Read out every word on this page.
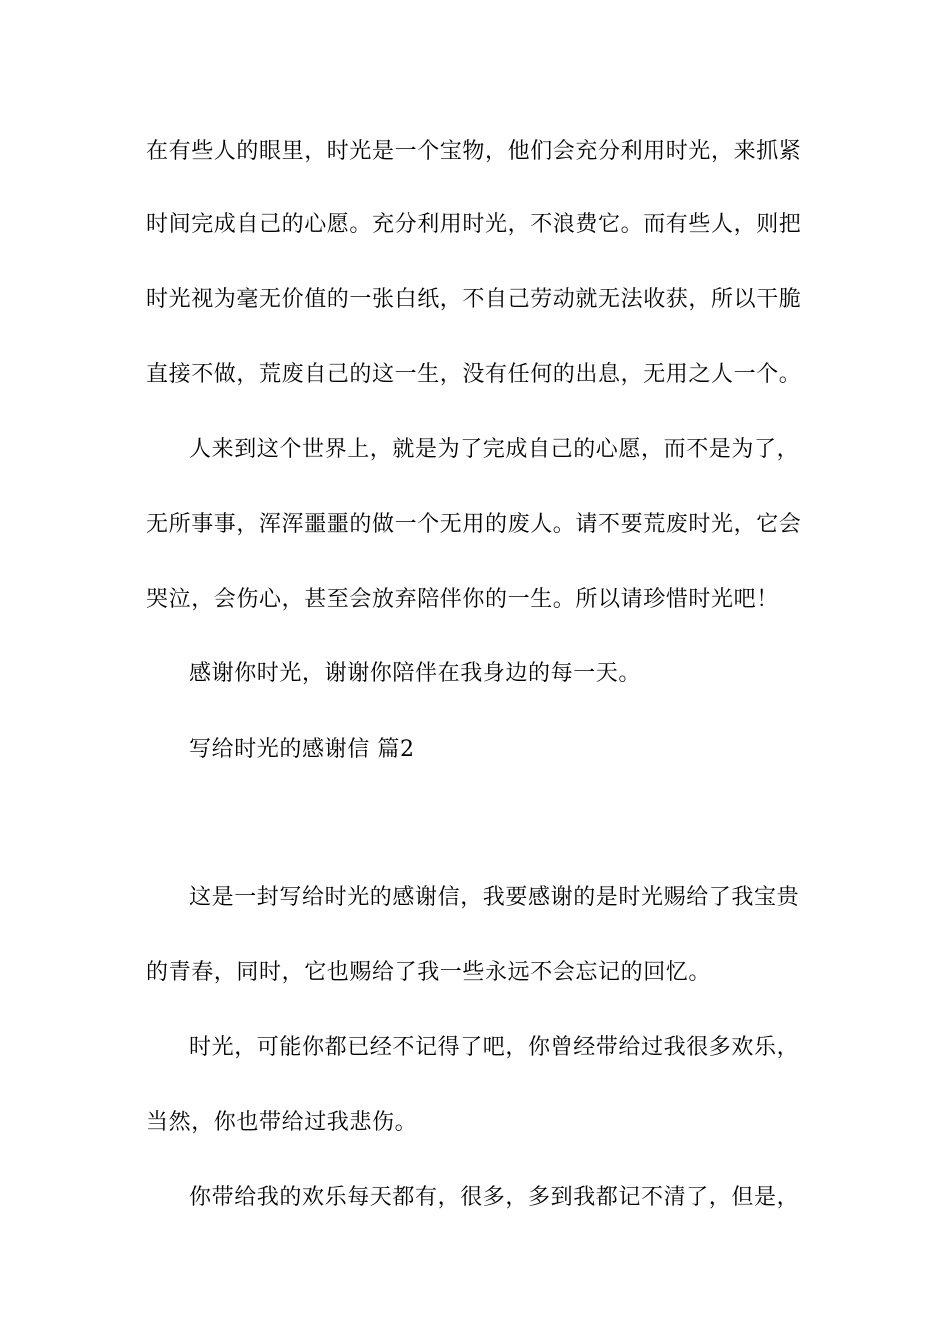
在有些人的眼里，时光是一个宝物，他们会充分利用时光，来抓紧
时间完成自己的心愿。充分利用时光，不浪费它。而有些人，则把
时光视为毫无价值的一张白纸，不自己劳动就无法收获，所以干脆
直接不做，荒废自己的这一生，没有任何的出息，无用之人一个。
人来到这个世界上，就是为了完成自己的心愿，而不是为了，
无所事事，浑浑噩噩的做一个无用的废人。请不要荒废时光，它会
哭泣，会伤心，甚至会放弃陪伴你的一生。所以请珍惜时光吧！
感谢你时光，谢谢你陪伴在我身边的每一天。
写给时光的感谢信 篇2
这是一封写给时光的感谢信，我要感谢的是时光赐给了我宝贵
的青春，同时，它也赐给了我一些永远不会忘记的回忆。
时光，可能你都已经不记得了吧，你曾经带给过我很多欢乐，
当然，你也带给过我悲伤。
你带给我的欢乐每天都有，很多，多到我都记不清了，但是，
